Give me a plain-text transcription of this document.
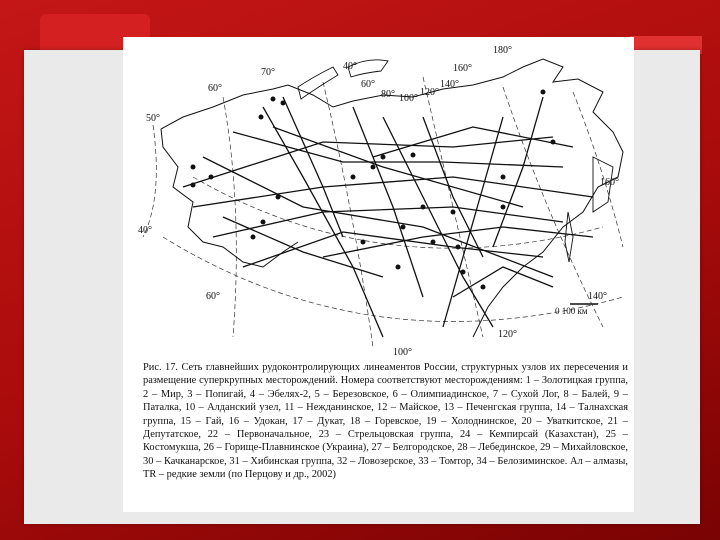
70°
40°
60°
80° 100°
120°
140°
160°
180°
160°
140°
120°
100°
60°
40°
50°
60°
0 100 км

Рис. 17. Сеть главнейших рудоконтролирующих линеаментов России, структурных узлов их пересечения и размещение суперкрупных месторождений. Номера соответствуют месторождениям: 1 – Золотицкая группа, 2 – Мир, 3 – Попигай, 4 – Эбелях-2, 5 – Березовское, 6 – Олимпиадинское, 7 – Сухой Лог, 8 – Балей, 9 – Паталка, 10 – Алданский узел, 11 – Нежданинское, 12 – Майское, 13 – Печенгская группа, 14 – Талнахская группа, 15 – Гай, 16 – Удокан, 17 – Дукат, 18 – Горевское, 19 – Холоднинское, 20 – Уваткитское, 21 – Депутатское, 22 – Первоначальное, 23 – Стрельцовская группа, 24 – Кемпирсай (Казахстан), 25 – Костомукша, 26 – Горище-Плавнинское (Украина), 27 – Белгородское, 28 – Лебединское, 29 – Михайловское, 30 – Качканарское, 31 – Хибинская группа, 32 – Ловозерское, 33 – Томтор, 34 – Белозиминское. Ал – алмазы, TR – редкие земли (по Перцову и др., 2002)
